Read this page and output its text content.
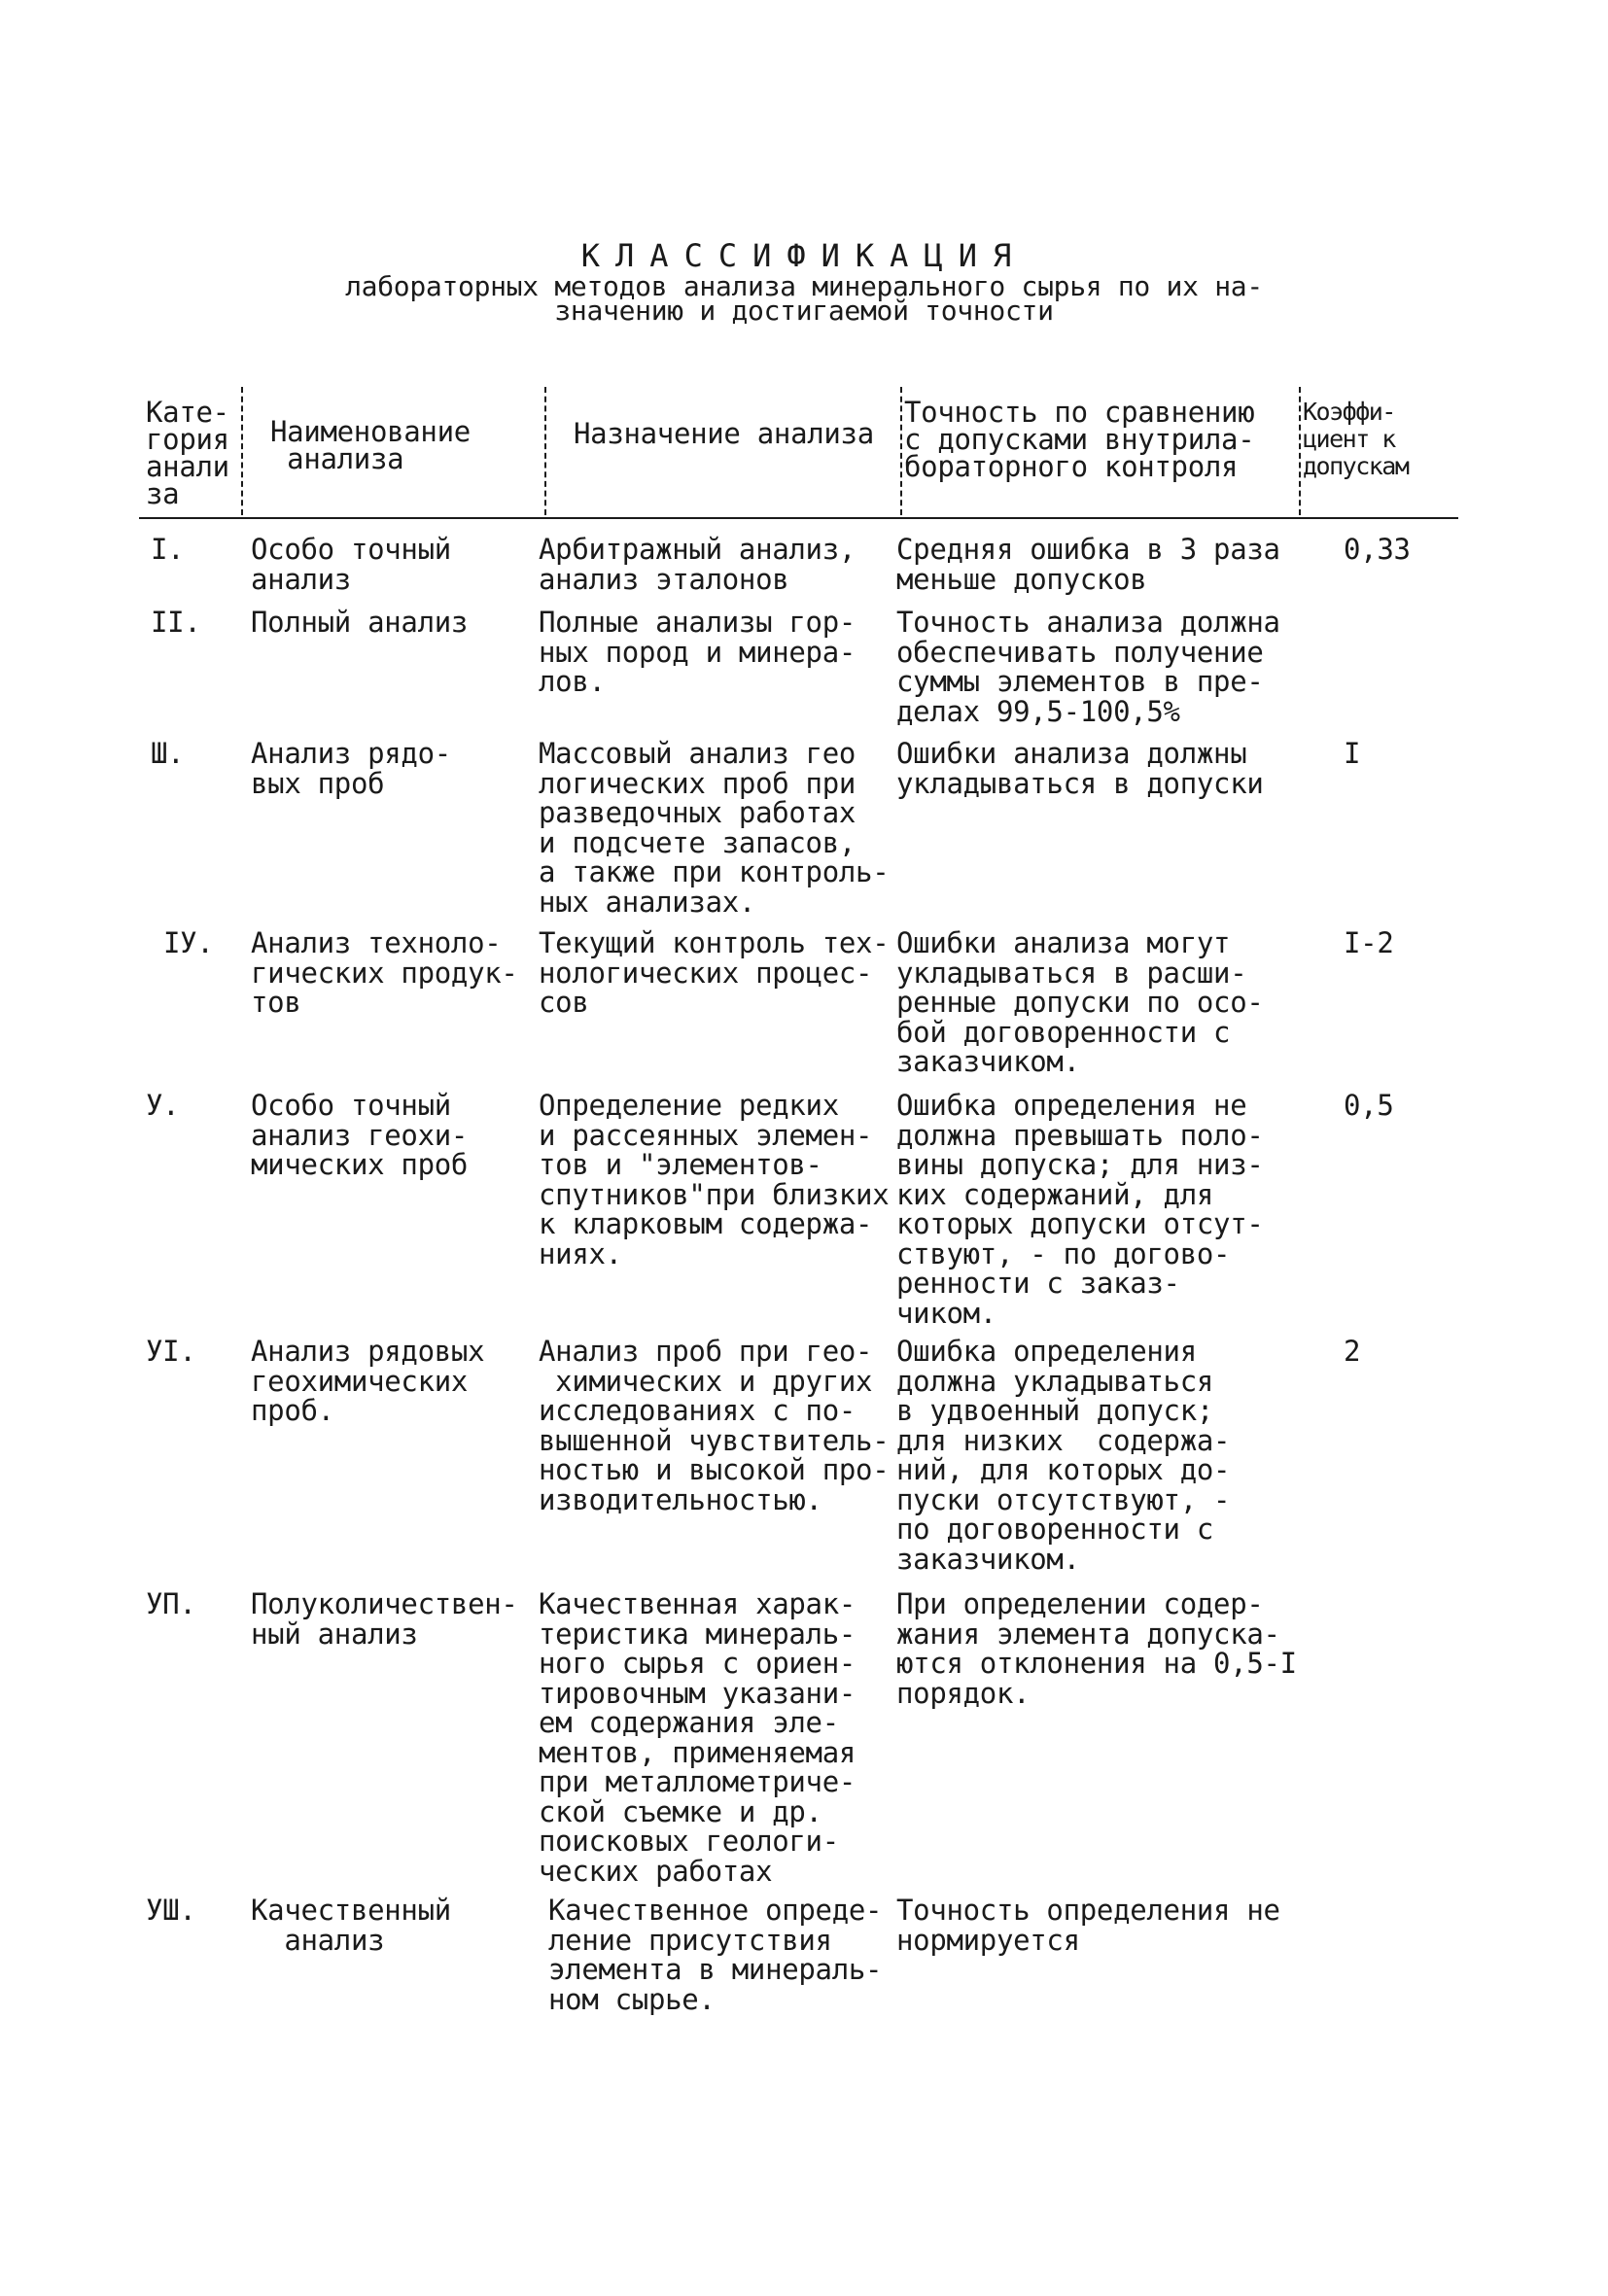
КЛАССИФИКАЦИЯ
лабораторных методов анализа минерального сырья по их на-
значению и достигаемой точности
Кате-
гория
анали
за
Наименование
анализа
Назначение анализа
Точность по сравнению
с допусками внутрила-
бораторного контроля
Коэффи-
циент к
допускам
I. Особо точный
анализ
Арбитражный анализ,
анализ эталонов
Средняя ошибка в 3 раза
меньше допусков
0,33
II. Полный анализ	Полные анализы гор-
ных пород и минера-
лов.
Точность анализа должна
обеспечивать получение
суммы элементов в пре-
делах 99,5-100,5%
Ш. Анализ рядо-
вых проб
Массовый анализ гео
логических проб при
разведочных работах
и подсчете запасов,
а также при контроль-
ных анализах.
Ошибки анализа должны
укладываться в допуски
I
IУ. Анализ техноло-
гических продук-
тов
Текущий контроль тех-
нологических процес-
сов
Ошибки анализа могут
укладываться в расши-
ренные допуски по осо-
бой договоренности с
заказчиком.
I-2
У.	Особо точный
анализ геохи-
мических проб
Определение редких
и рассеянных элемен-
тов и "элементов-
спутников"при близких
к кларковым содержа-
ниях.
Ошибка определения не
должна превышать поло-
вины допуска; для низ-
ких содержаний, для
которых допуски отсут-
ствуют, - по догово-
ренности с заказ-
чиком.
0,5
УI. Анализ рядовых
геохимических
проб.
Анализ проб при гео-
химических и других
исследованиях с по-
вышенной чувствитель-
ностью и высокой про-
изводительностью.
Ошибка определения
должна укладываться
в удвоенный допуск;
для низких  содержа-
ний, для которых до-
пуски отсутствуют, -
по договоренности с
заказчиком.
2
УП. Полуколичествен-
ный анализ
Качественная харак-
теристика минераль-
ного сырья с ориен-
тировочным указани-
ем содержания эле-
ментов, применяемая
при металлометриче-
ской съемке и др.
поисковых геологи-
ческих работах
При определении содер-
жания элемента допуска-
ются отклонения на 0,5-I
порядок.
УШ. Качественный
анализ
Качественное опреде-
ление присутствия
элемента в минераль-
ном сырье.
Точность определения не
нормируется
